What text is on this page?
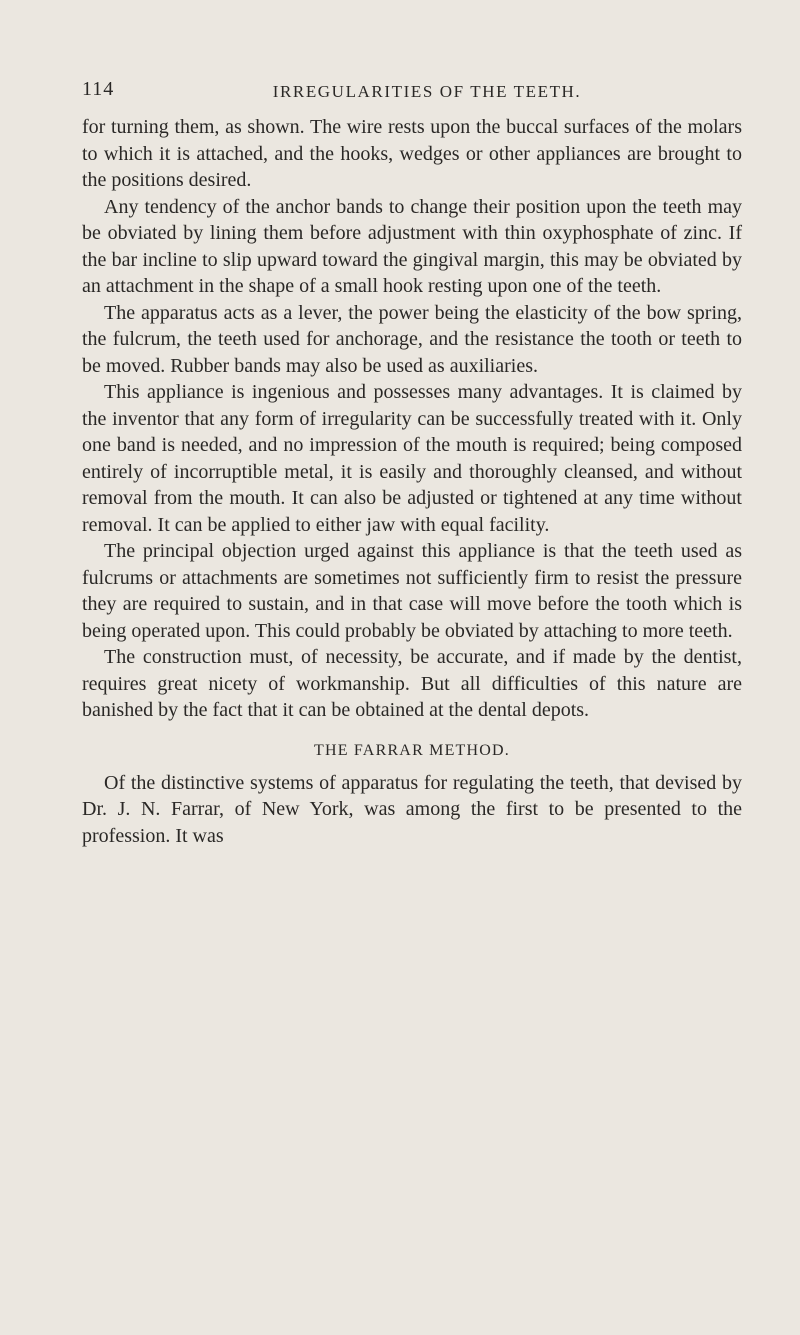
114	IRREGULARITIES OF THE TEETH.

for turning them, as shown. The wire rests upon the buccal surfaces of the molars to which it is attached, and the hooks, wedges or other appliances are brought to the positions desired.

Any tendency of the anchor bands to change their position upon the teeth may be obviated by lining them before adjustment with thin oxyphosphate of zinc. If the bar incline to slip upward toward the gingival margin, this may be obviated by an attachment in the shape of a small hook resting upon one of the teeth.

The apparatus acts as a lever, the power being the elasticity of the bow spring, the fulcrum, the teeth used for anchorage, and the resistance the tooth or teeth to be moved. Rubber bands may also be used as auxiliaries.

This appliance is ingenious and possesses many advantages. It is claimed by the inventor that any form of irregularity can be successfully treated with it. Only one band is needed, and no impression of the mouth is required; being composed entirely of incorruptible metal, it is easily and thoroughly cleansed, and without removal from the mouth. It can also be adjusted or tightened at any time without removal. It can be applied to either jaw with equal facility.

The principal objection urged against this appliance is that the teeth used as fulcrums or attachments are sometimes not sufficiently firm to resist the pressure they are required to sustain, and in that case will move before the tooth which is being operated upon. This could probably be obviated by attaching to more teeth.

The construction must, of necessity, be accurate, and if made by the dentist, requires great nicety of workmanship. But all difficulties of this nature are banished by the fact that it can be obtained at the dental depots.

THE FARRAR METHOD.

Of the distinctive systems of apparatus for regulating the teeth, that devised by Dr. J. N. Farrar, of New York, was among the first to be presented to the profession. It was
